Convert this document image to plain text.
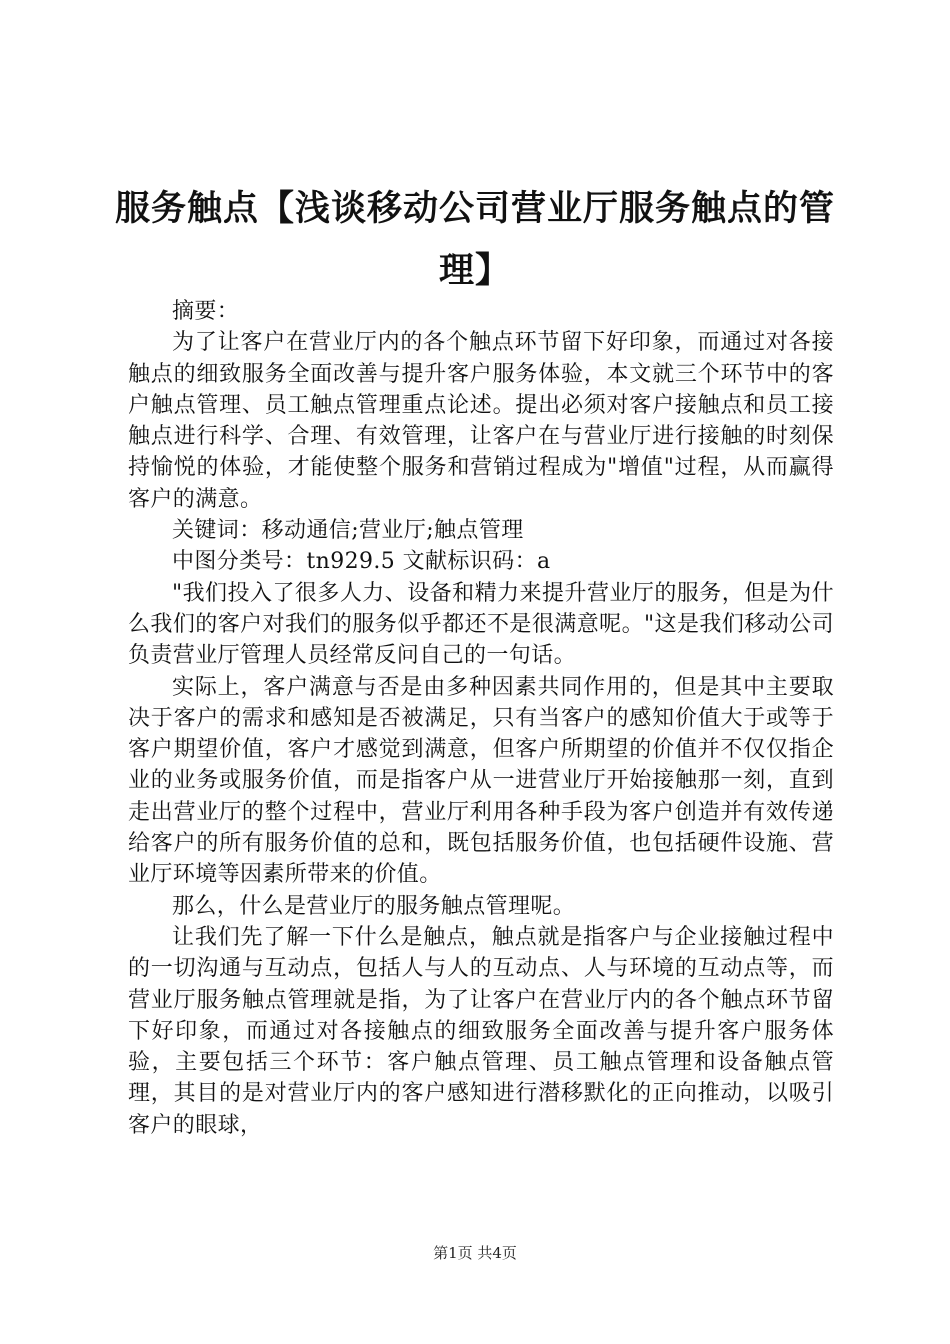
服务触点【浅谈移动公司营业厅服务触点的管理】

摘要：

为了让客户在营业厅内的各个触点环节留下好印象，而通过对各接触点的细致服务全面改善与提升客户服务体验，本文就三个环节中的客户触点管理、员工触点管理重点论述。提出必须对客户接触点和员工接触点进行科学、合理、有效管理，让客户在与营业厅进行接触的时刻保持愉悦的体验，才能使整个服务和营销过程成为"增值"过程，从而赢得客户的满意。

关键词：移动通信;营业厅;触点管理

中图分类号：tn929.5 文献标识码：a

"我们投入了很多人力、设备和精力来提升营业厅的服务，但是为什么我们的客户对我们的服务似乎都还不是很满意呢。"这是我们移动公司负责营业厅管理人员经常反问自己的一句话。

实际上，客户满意与否是由多种因素共同作用的，但是其中主要取决于客户的需求和感知是否被满足，只有当客户的感知价值大于或等于客户期望价值，客户才感觉到满意，但客户所期望的价值并不仅仅指企业的业务或服务价值，而是指客户从一进营业厅开始接触那一刻，直到走出营业厅的整个过程中，营业厅利用各种手段为客户创造并有效传递给客户的所有服务价值的总和，既包括服务价值，也包括硬件设施、营业厅环境等因素所带来的价值。

那么，什么是营业厅的服务触点管理呢。

让我们先了解一下什么是触点，触点就是指客户与企业接触过程中的一切沟通与互动点，包括人与人的互动点、人与环境的互动点等，而营业厅服务触点管理就是指，为了让客户在营业厅内的各个触点环节留下好印象，而通过对各接触点的细致服务全面改善与提升客户服务体验，主要包括三个环节：客户触点管理、员工触点管理和设备触点管理，其目的是对营业厅内的客户感知进行潜移默化的正向推动，以吸引客户的眼球，

第1页 共4页
